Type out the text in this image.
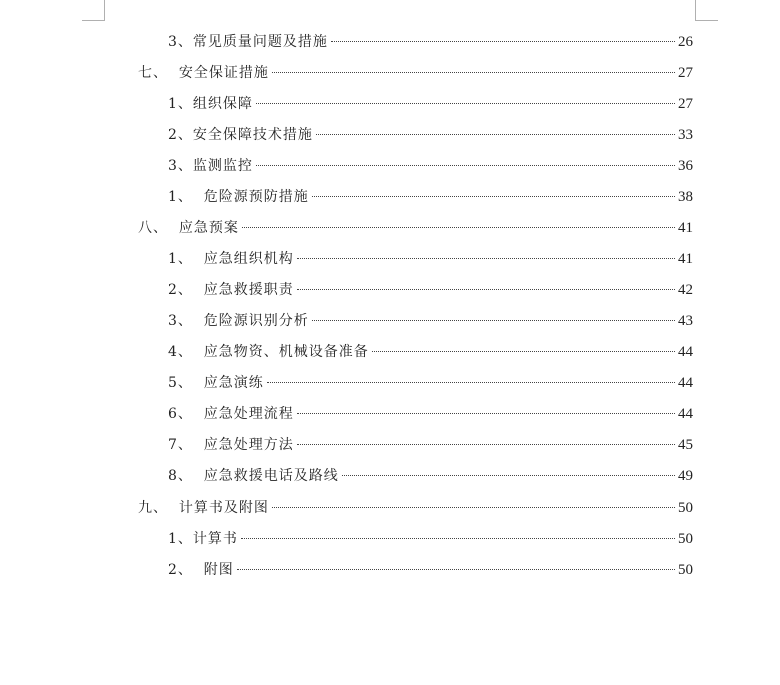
3、常见质量问题及措施	26
七、  安全保证措施	27
1、组织保障	27
2、安全保障技术措施	33
3、监测监控	36
1、  危险源预防措施	38
八、  应急预案	41
1、  应急组织机构	41
2、  应急救援职责	42
3、  危险源识别分析	43
4、  应急物资、机械设备准备	44
5、  应急演练	44
6、  应急处理流程	44
7、  应急处理方法	45
8、  应急救援电话及路线	49
九、  计算书及附图	50
1、计算书	50
2、  附图	50
